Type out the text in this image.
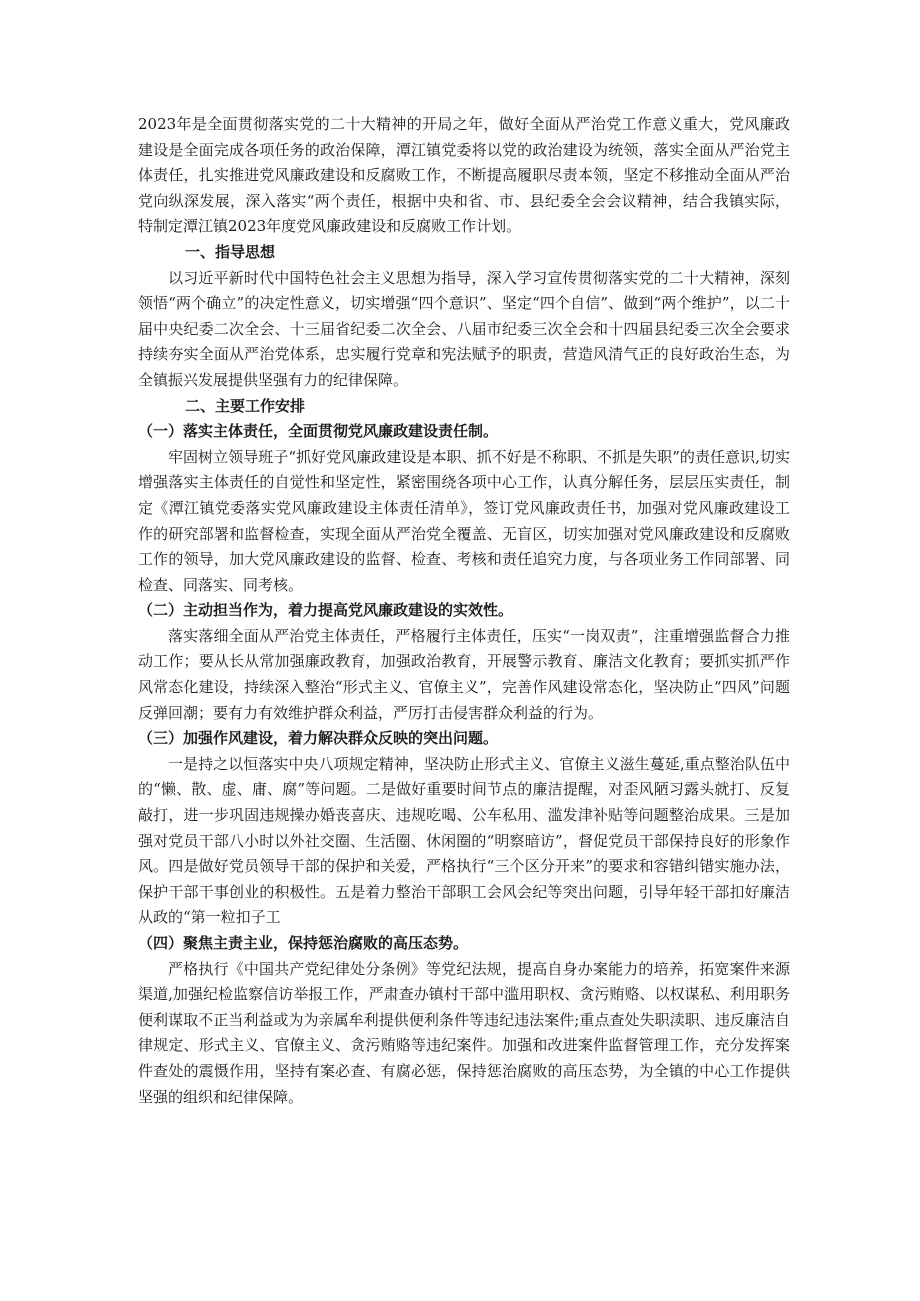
2023年是全面贯彻落实党的二十大精神的开局之年，做好全面从严治党工作意义重大，党风廉政建设是全面完成各项任务的政治保障，潭江镇党委将以党的政治建设为统领，落实全面从严治党主体责任，扎实推进党风廉政建设和反腐败工作，不断提高履职尽责本领，坚定不移推动全面从严治党向纵深发展，深入落实“两个责任，根据中央和省、市、县纪委全会会议精神，结合我镇实际，特制定潭江镇2023年度党风廉政建设和反腐败工作计划。

一、指导思想

以习近平新时代中国特色社会主义思想为指导，深入学习宣传贯彻落实党的二十大精神，深刻领悟“两个确立”的决定性意义，切实增强“四个意识”、坚定“四个自信”、做到“两个维护”，以二十届中央纪委二次全会、十三届省纪委二次全会、八届市纪委三次全会和十四届县纪委三次全会要求持续夯实全面从严治党体系，忠实履行党章和宪法赋予的职责，营造风清气正的良好政治生态，为全镇振兴发展提供坚强有力的纪律保障。

二、主要工作安排

（一）落实主体责任，全面贯彻党风廉政建设责任制。

牢固树立领导班子“抓好党风廉政建设是本职、抓不好是不称职、不抓是失职”的责任意识,切实增强落实主体责任的自觉性和坚定性，紧密围绕各项中心工作，认真分解任务，层层压实责任，制定《潭江镇党委落实党风廉政建设主体责任清单》，签订党风廉政责任书，加强对党风廉政建设工作的研究部署和监督检查，实现全面从严治党全覆盖、无盲区，切实加强对党风廉政建设和反腐败工作的领导，加大党风廉政建设的监督、检查、考核和责任追究力度，与各项业务工作同部署、同检查、同落实、同考核。

（二）主动担当作为，着力提高党风廉政建设的实效性。

落实落细全面从严治党主体责任，严格履行主体责任，压实“一岗双责”，注重增强监督合力推动工作；要从长从常加强廉政教育，加强政治教育，开展警示教育、廉洁文化教育；要抓实抓严作风常态化建设，持续深入整治“形式主义、官僚主义”，完善作风建设常态化，坚决防止“四风”问题反弹回潮；要有力有效维护群众利益，严厉打击侵害群众利益的行为。

（三）加强作风建设，着力解决群众反映的突出问题。

一是持之以恒落实中央八项规定精神，坚决防止形式主义、官僚主义滋生蔓延,重点整治队伍中的“懒、散、虚、庸、腐”等问题。二是做好重要时间节点的廉洁提醒，对歪风陋习露头就打、反复敲打，进一步巩固违规操办婚丧喜庆、违规吃喝、公车私用、滥发津补贴等问题整治成果。三是加强对党员干部八小时以外社交圈、生活圈、休闲圈的“明察暗访”，督促党员干部保持良好的形象作风。四是做好党员领导干部的保护和关爱，严格执行“三个区分开来”的要求和容错纠错实施办法，保护干部干事创业的积极性。五是着力整治干部职工会风会纪等突出问题，引导年轻干部扣好廉洁从政的“第一粒扣子工

（四）聚焦主责主业，保持惩治腐败的高压态势。

严格执行《中国共产党纪律处分条例》等党纪法规，提高自身办案能力的培养，拓宽案件来源渠道,加强纪检监察信访举报工作，严肃查办镇村干部中滥用职权、贪污贿赂、以权谋私、利用职务便利谋取不正当利益或为为亲属牟利提供便利条件等违纪违法案件;重点查处失职渎职、违反廉洁自律规定、形式主义、官僚主义、贪污贿赂等违纪案件。加强和改进案件监督管理工作，充分发挥案件查处的震慑作用，坚持有案必查、有腐必惩，保持惩治腐败的高压态势，为全镇的中心工作提供坚强的组织和纪律保障。
